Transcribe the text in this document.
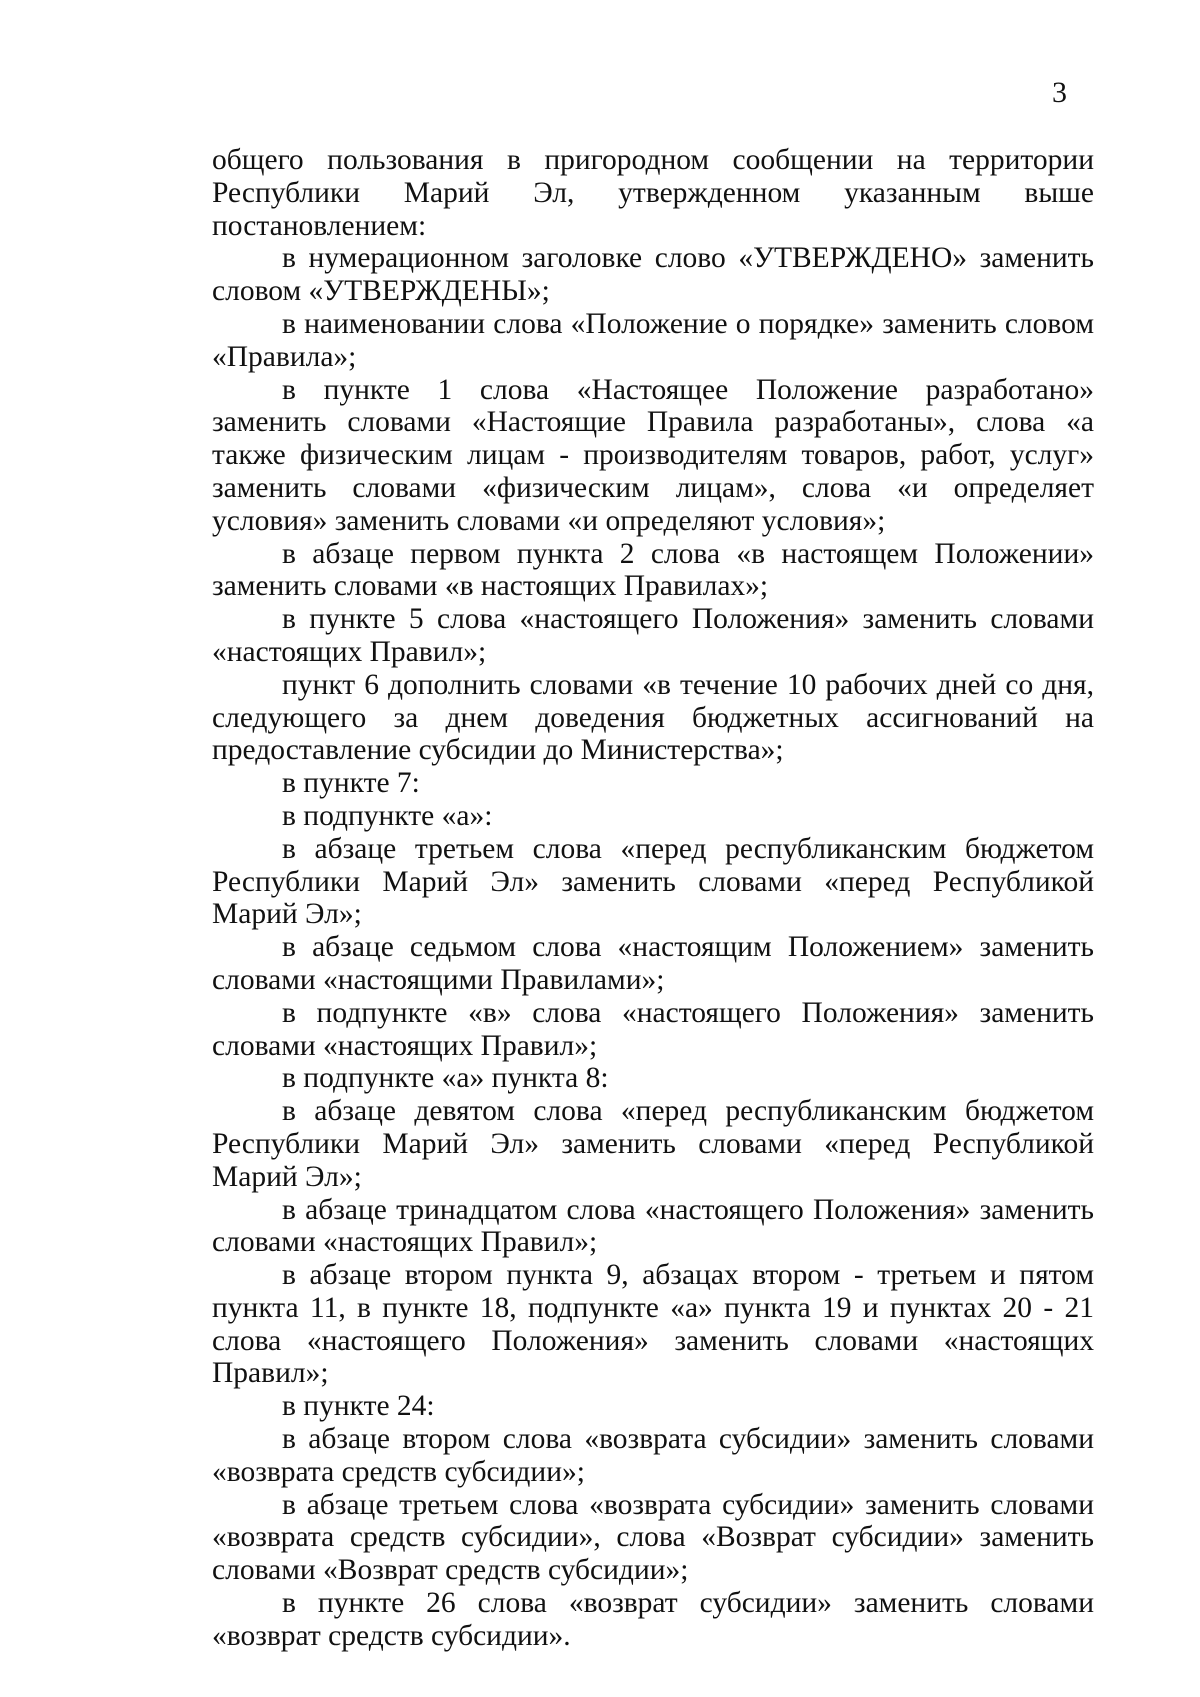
3

общего пользования в пригородном сообщении на территории Республики Марий Эл, утвержденном указанным выше постановлением:

в нумерационном заголовке слово «УТВЕРЖДЕНО» заменить словом «УТВЕРЖДЕНЫ»;

в наименовании слова «Положение о порядке» заменить словом «Правила»;

в пункте 1 слова «Настоящее Положение разработано» заменить словами «Настоящие Правила разработаны», слова «а также физическим лицам - производителям товаров, работ, услуг» заменить словами «физическим лицам», слова «и определяет условия» заменить словами «и определяют условия»;

в абзаце первом пункта 2 слова «в настоящем Положении» заменить словами «в настоящих Правилах»;

в пункте 5 слова «настоящего Положения» заменить словами «настоящих Правил»;

пункт 6 дополнить словами «в течение 10 рабочих дней со дня, следующего за днем доведения бюджетных ассигнований на предоставление субсидии до Министерства»;

в пункте 7:

в подпункте «а»:

в абзаце третьем слова «перед республиканским бюджетом Республики Марий Эл» заменить словами «перед Республикой Марий Эл»;

в абзаце седьмом слова «настоящим Положением» заменить словами «настоящими Правилами»;

в подпункте «в» слова «настоящего Положения» заменить словами «настоящих Правил»;

в подпункте «а» пункта 8:

в абзаце девятом слова «перед республиканским бюджетом Республики Марий Эл» заменить словами «перед Республикой Марий Эл»;

в абзаце тринадцатом слова «настоящего Положения» заменить словами «настоящих Правил»;

в абзаце втором пункта 9, абзацах втором - третьем и пятом пункта 11, в пункте 18, подпункте «а» пункта 19 и пунктах 20 - 21 слова «настоящего Положения» заменить словами «настоящих Правил»;

в пункте 24:

в абзаце втором слова «возврата субсидии» заменить словами «возврата средств субсидии»;

в абзаце третьем слова «возврата субсидии» заменить словами «возврата средств субсидии», слова «Возврат субсидии» заменить словами «Возврат средств субсидии»;

в пункте 26 слова «возврат субсидии» заменить словами «возврат средств субсидии».
